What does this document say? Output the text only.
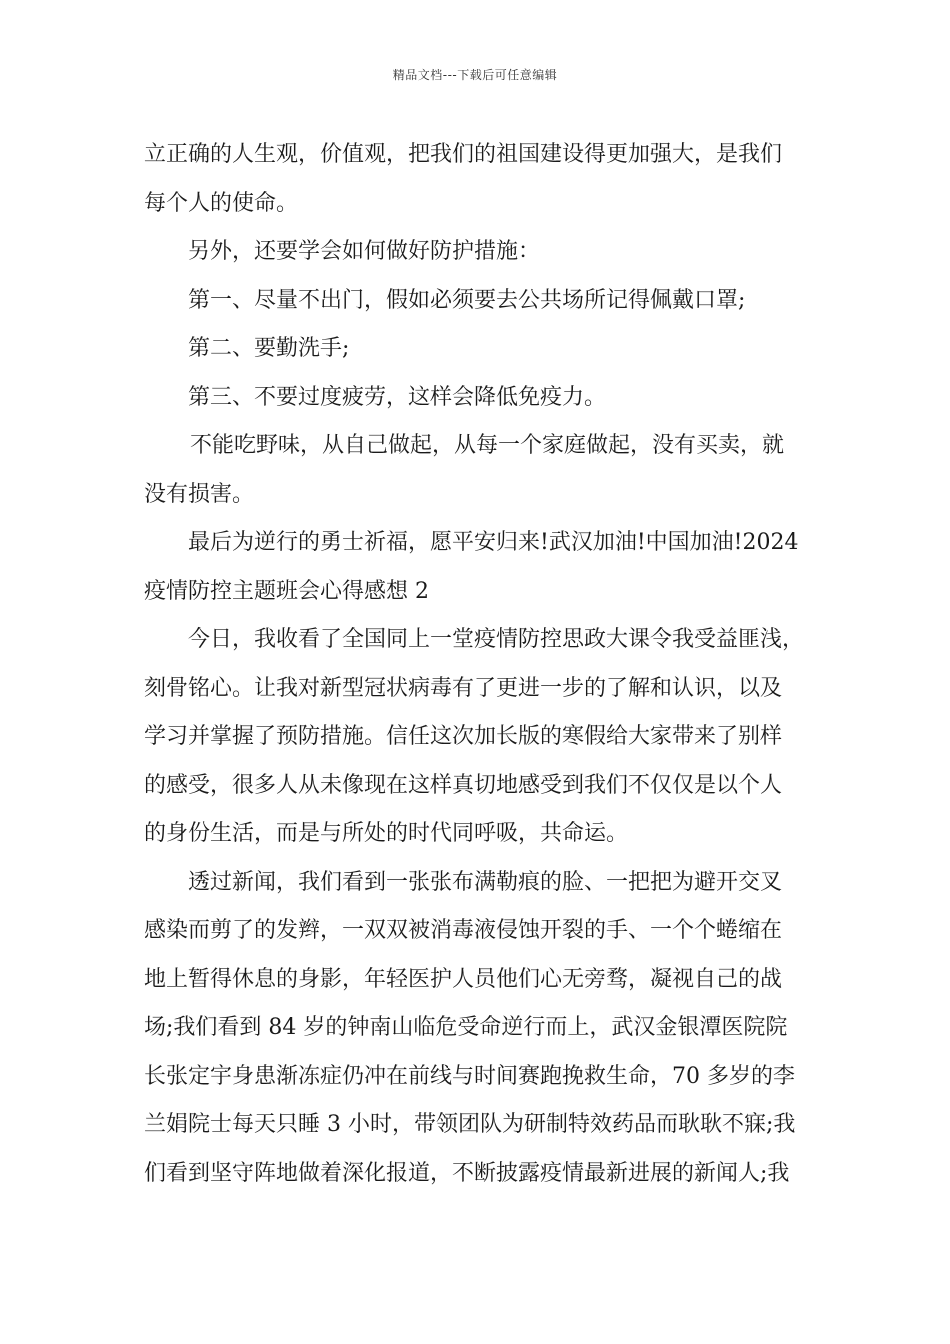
精品文档---下载后可任意编辑
立正确的人生观，价值观，把我们的祖国建设得更加强大，是我们
每个人的使命。
另外，还要学会如何做好防护措施：
第一、尽量不出门，假如必须要去公共场所记得佩戴口罩;
第二、要勤洗手;
第三、不要过度疲劳，这样会降低免疫力。
不能吃野味，从自己做起，从每一个家庭做起，没有买卖，就
没有损害。
最后为逆行的勇士祈福，愿平安归来!武汉加油!中国加油!2024
疫情防控主题班会心得感想 2
今日，我收看了全国同上一堂疫情防控思政大课令我受益匪浅，
刻骨铭心。让我对新型冠状病毒有了更进一步的了解和认识，以及
学习并掌握了预防措施。信任这次加长版的寒假给大家带来了别样
的感受，很多人从未像现在这样真切地感受到我们不仅仅是以个人
的身份生活，而是与所处的时代同呼吸，共命运。
透过新闻，我们看到一张张布满勒痕的脸、一把把为避开交叉
感染而剪了的发辫，一双双被消毒液侵蚀开裂的手、一个个蜷缩在
地上暂得休息的身影，年轻医护人员他们心无旁骛，凝视自己的战
场;我们看到 84 岁的钟南山临危受命逆行而上，武汉金银潭医院院
长张定宇身患渐冻症仍冲在前线与时间赛跑挽救生命，70 多岁的李
兰娟院士每天只睡 3 小时，带领团队为研制特效药品而耿耿不寐;我
们看到坚守阵地做着深化报道，不断披露疫情最新进展的新闻人;我
